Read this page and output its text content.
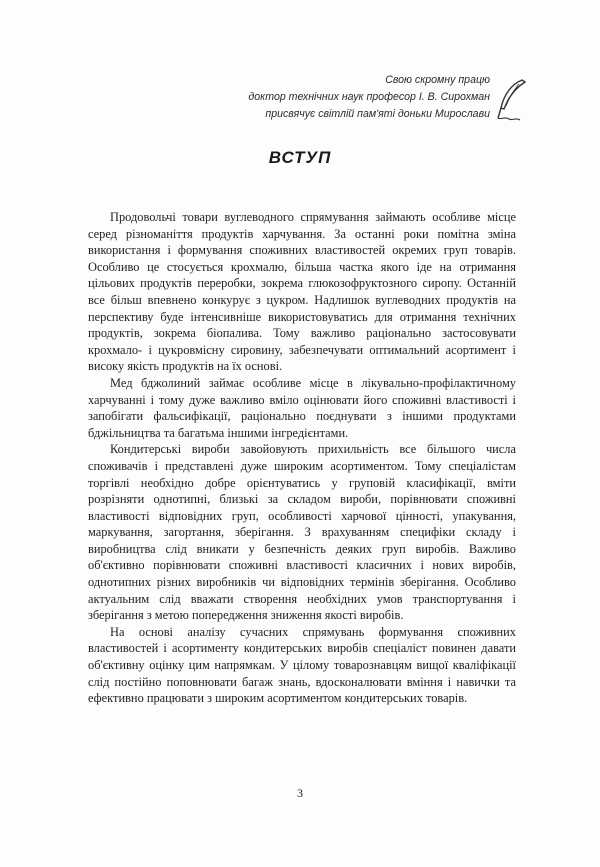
Свою скромну працю
доктор технічних наук професор І. В. Сирохман
присвячує світлій пам'яті доньки Мирослави
ВСТУП

Продовольчі товари вуглеводного спрямування займають особливе місце серед різноманіття продуктів харчування. За останні роки помітна зміна використання і формування споживних властивостей окремих груп товарів. Особливо це стосується крохмалю, більша частка якого іде на отримання цільових продуктів переробки, зокрема глюкозофруктозного сиропу. Останній все більш впевнено конкурує з цукром. Надлишок вуглеводних продуктів на перспективу буде інтенсивніше використовуватись для отримання технічних продуктів, зокрема біопалива. Тому важливо раціонально застосовувати крохмало- і цукровмісну сировину, забезпечувати оптимальний асортимент і високу якість продуктів на їх основі.

Мед бджолиний займає особливе місце в лікувально-профілактичному харчуванні і тому дуже важливо вміло оцінювати його споживні властивості і запобігати фальсифікації, раціонально поєднувати з іншими продуктами бджільництва та багатьма іншими інгредієнтами.

Кондитерські вироби завойовують прихильність все більшого числа споживачів і представлені дуже широким асортиментом. Тому спеціалістам торгівлі необхідно добре орієнтуватись у груповій класифікації, вміти розрізняти однотипні, близькі за складом вироби, порівнювати споживні властивості відповідних груп, особливості харчової цінності, упакування, маркування, загортання, зберігання. З врахуванням специфіки складу і виробництва слід вникати у безпечність деяких груп виробів. Важливо об'єктивно порівнювати споживні властивості класичних і нових виробів, однотипних різних виробників чи відповідних термінів зберігання. Особливо актуальним слід вважати створення необхідних умов транспортування і зберігання з метою попередження зниження якості виробів.

На основі аналізу сучасних спрямувань формування споживних властивостей і асортименту кондитерських виробів спеціаліст повинен давати об'єктивну оцінку цим напрямкам. У цілому товарознавцям вищої кваліфікації слід постійно поповнювати багаж знань, вдосконалювати вміння і навички та ефективно працювати з широким асортиментом кондитерських товарів.

3
